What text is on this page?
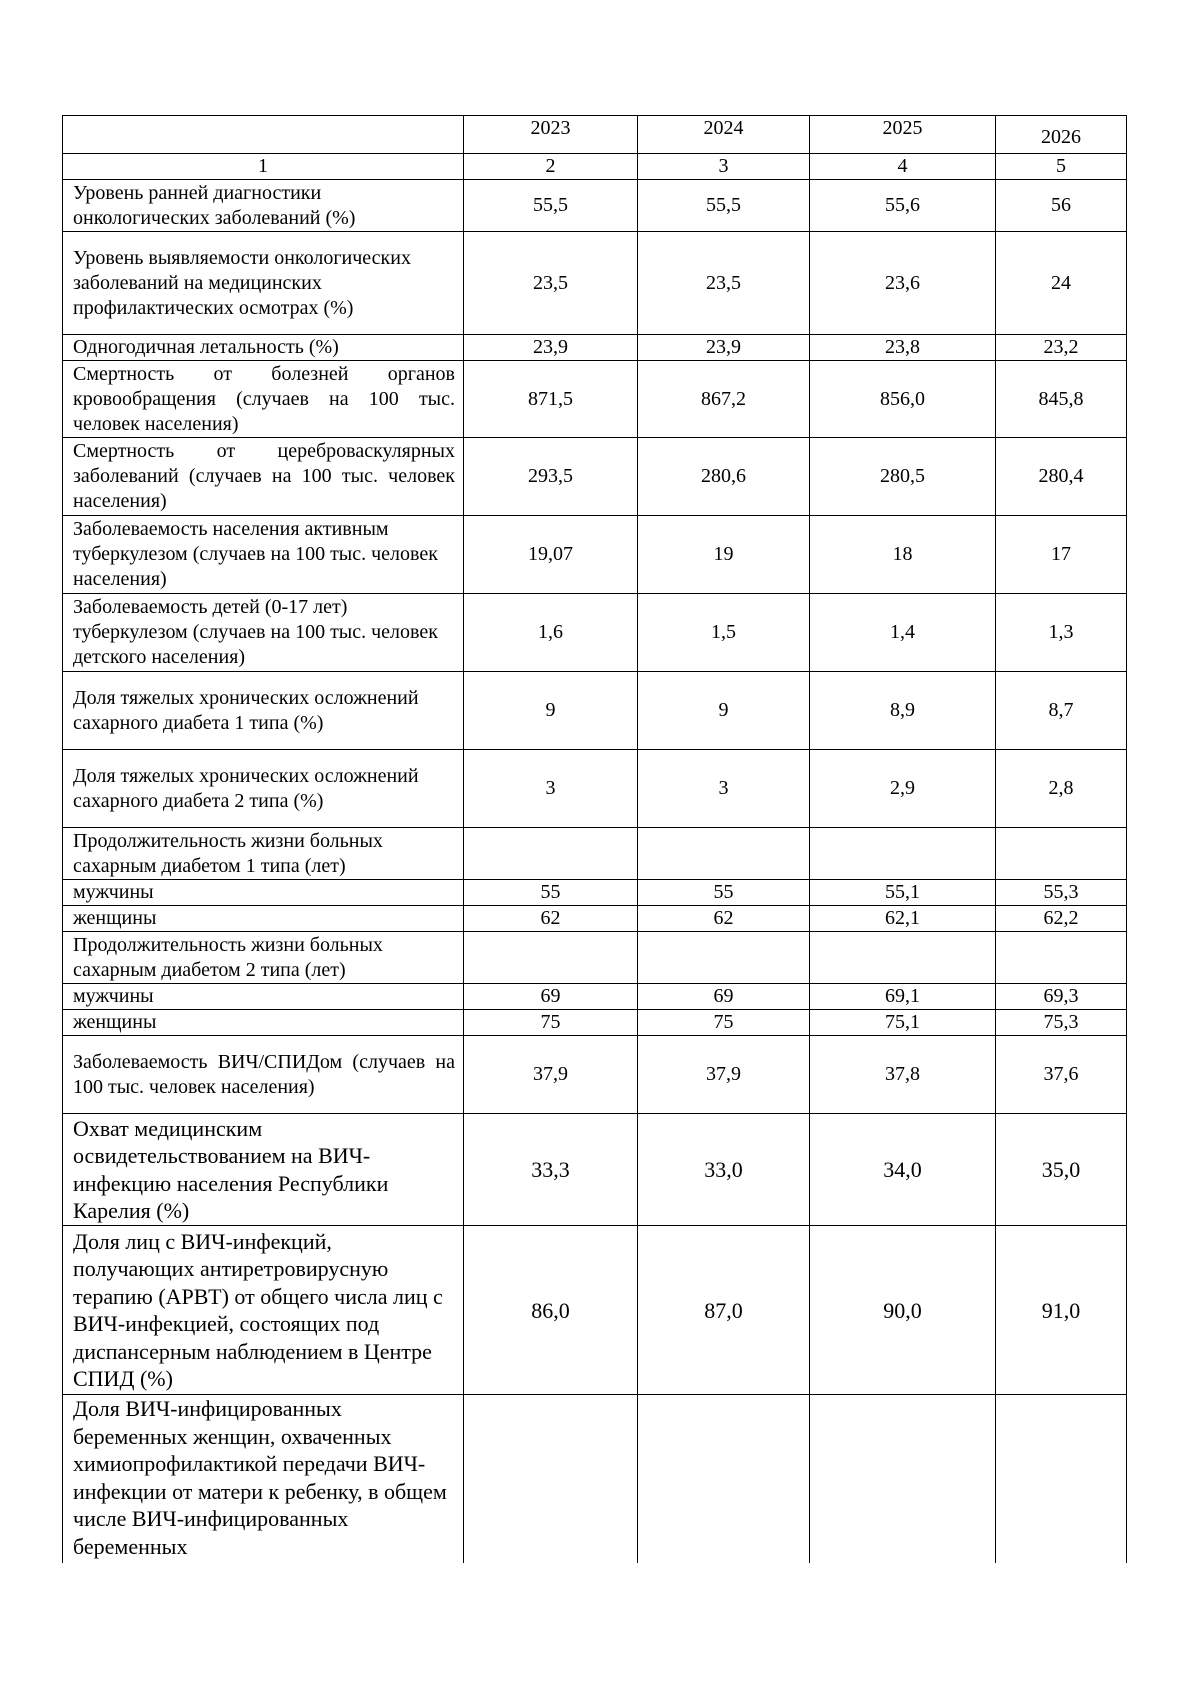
	2023	2024	2025	2026
1	2	3	4	5
Уровень ранней диагностики онкологических заболеваний (%)	55,5	55,5	55,6	56
Уровень выявляемости онкологических заболеваний на медицинских профилактических осмотрах (%)	23,5	23,5	23,6	24
Одногодичная летальность (%)	23,9	23,9	23,8	23,2
Смертность от болезней органов кровообращения (случаев на 100 тыс. человек населения)	871,5	867,2	856,0	845,8
Смертность от цереброваскулярных заболеваний (случаев на 100 тыс. человек населения)	293,5	280,6	280,5	280,4
Заболеваемость населения активным туберкулезом (случаев на 100 тыс. человек населения)	19,07	19	18	17
Заболеваемость детей (0-17 лет) туберкулезом (случаев на 100 тыс. человек детского населения)	1,6	1,5	1,4	1,3
Доля тяжелых хронических осложнений сахарного диабета 1 типа (%)	9	9	8,9	8,7
Доля тяжелых хронических осложнений сахарного диабета 2 типа (%)	3	3	2,9	2,8
Продолжительность жизни больных сахарным диабетом 1 типа (лет)				
мужчины	55	55	55,1	55,3
женщины	62	62	62,1	62,2
Продолжительность жизни больных сахарным диабетом 2 типа (лет)				
мужчины	69	69	69,1	69,3
женщины	75	75	75,1	75,3
Заболеваемость ВИЧ/СПИДом (случаев на 100 тыс. человек населения)	37,9	37,9	37,8	37,6
Охват медицинским освидетельствованием на ВИЧ-инфекцию населения Республики Карелия (%)	33,3	33,0	34,0	35,0
Доля лиц с ВИЧ-инфекций, получающих антиретровирусную терапию (АРВТ) от общего числа лиц с ВИЧ-инфекцией, состоящих под диспансерным наблюдением в Центре СПИД (%)	86,0	87,0	90,0	91,0
Доля ВИЧ-инфицированных беременных женщин, охваченных химиопрофилактикой передачи ВИЧ-инфекции от матери к ребенку, в общем числе ВИЧ-инфицированных беременных				
